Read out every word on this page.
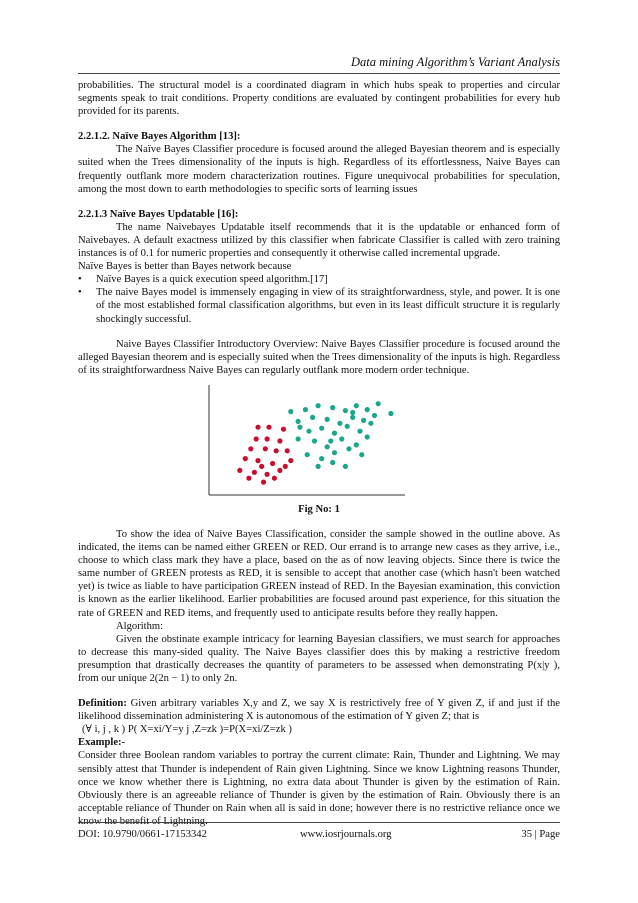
Data mining Algorithm’s Variant Analysis

probabilities. The structural model is a coordinated diagram in which hubs speak to properties and circular segments speak to trait conditions. Property conditions are evaluated by contingent probabilities for every hub provided for its parents.

2.2.1.2. Naïve Bayes Algorithm [13]:

The Naïve Bayes Classifier procedure is focused around the alleged Bayesian theorem and is especially suited when the Trees dimensionality of the inputs is high. Regardless of its effortlessness, Naive Bayes can frequently outflank more modern characterization routines. Figure unequivocal probabilities for speculation, among the most down to earth methodologies to specific sorts of learning issues

2.2.1.3 Naïve Bayes Updatable [16]:

The name Naivebayes Updatable itself recommends that it is the updatable or enhanced form of Naivebayes. A default exactness utilized by this classifier when fabricate Classifier is called with zero training instances is of 0.1 for numeric properties and consequently it otherwise called incremental upgrade.

Naïve Bayes is better than Bayes network because

• Naïve Bayes is a quick execution speed algorithm.[17]
• The naive Bayes model is immensely engaging in view of its straightforwardness, style, and power. It is one of the most established formal classification algorithms, but even in its least difficult structure it is regularly shockingly successful.

Naive Bayes Classifier Introductory Overview: Naive Bayes Classifier procedure is focused around the alleged Bayesian theorem and is especially suited when the Trees dimensionality of the inputs is high. Regardless of its straightforwardness Naive Bayes can regularly outflank more modern order technique.

Fig No: 1

To show the idea of Naive Bayes Classification, consider the sample showed in the outline above. As indicated, the items can be named either GREEN or RED. Our errand is to arrange new cases as they arrive, i.e., choose to which class mark they have a place, based on the as of now leaving objects. Since there is twice the same number of GREEN protests as RED, it is sensible to accept that another case (which hasn't been watched yet) is twice as liable to have participation GREEN instead of RED. In the Bayesian examination, this conviction is known as the earlier likelihood. Earlier probabilities are focused around past experience, for this situation the rate of GREEN and RED items, and frequently used to anticipate results before they really happen.

Algorithm:

Given the obstinate example intricacy for learning Bayesian classifiers, we must search for approaches to decrease this many-sided quality. The Naive Bayes classifier does this by making a restrictive freedom presumption that drastically decreases the quantity of parameters to be assessed when demonstrating P(x|y ), from our unique 2(2n − 1) to only 2n.

Definition: Given arbitrary variables X,y and Z, we say X is restrictively free of Y given Z, if and just if the likelihood dissemination administering X is autonomous of the estimation of Y given Z; that is

(∀ i, j , k ) P( X=xi/Y=y j ,Z=zk )=P(X=xi/Z=zk )

Example:-

Consider three Boolean random variables to portray the current climate: Rain, Thunder and Lightning. We may sensibly attest that Thunder is independent of Rain given Lightning. Since we know Lightning reasons Thunder, once we know whether there is Lightning, no extra data about Thunder is given by the estimation of Rain. Obviously there is an agreeable reliance of Thunder is given by the estimation of Rain. Obviously there is an acceptable reliance of Thunder on Rain when all is said in done; however there is no restrictive reliance once we know the benefit of Lightning.

DOI: 10.9790/0661-17153342	www.iosrjournals.org	35 | Page
